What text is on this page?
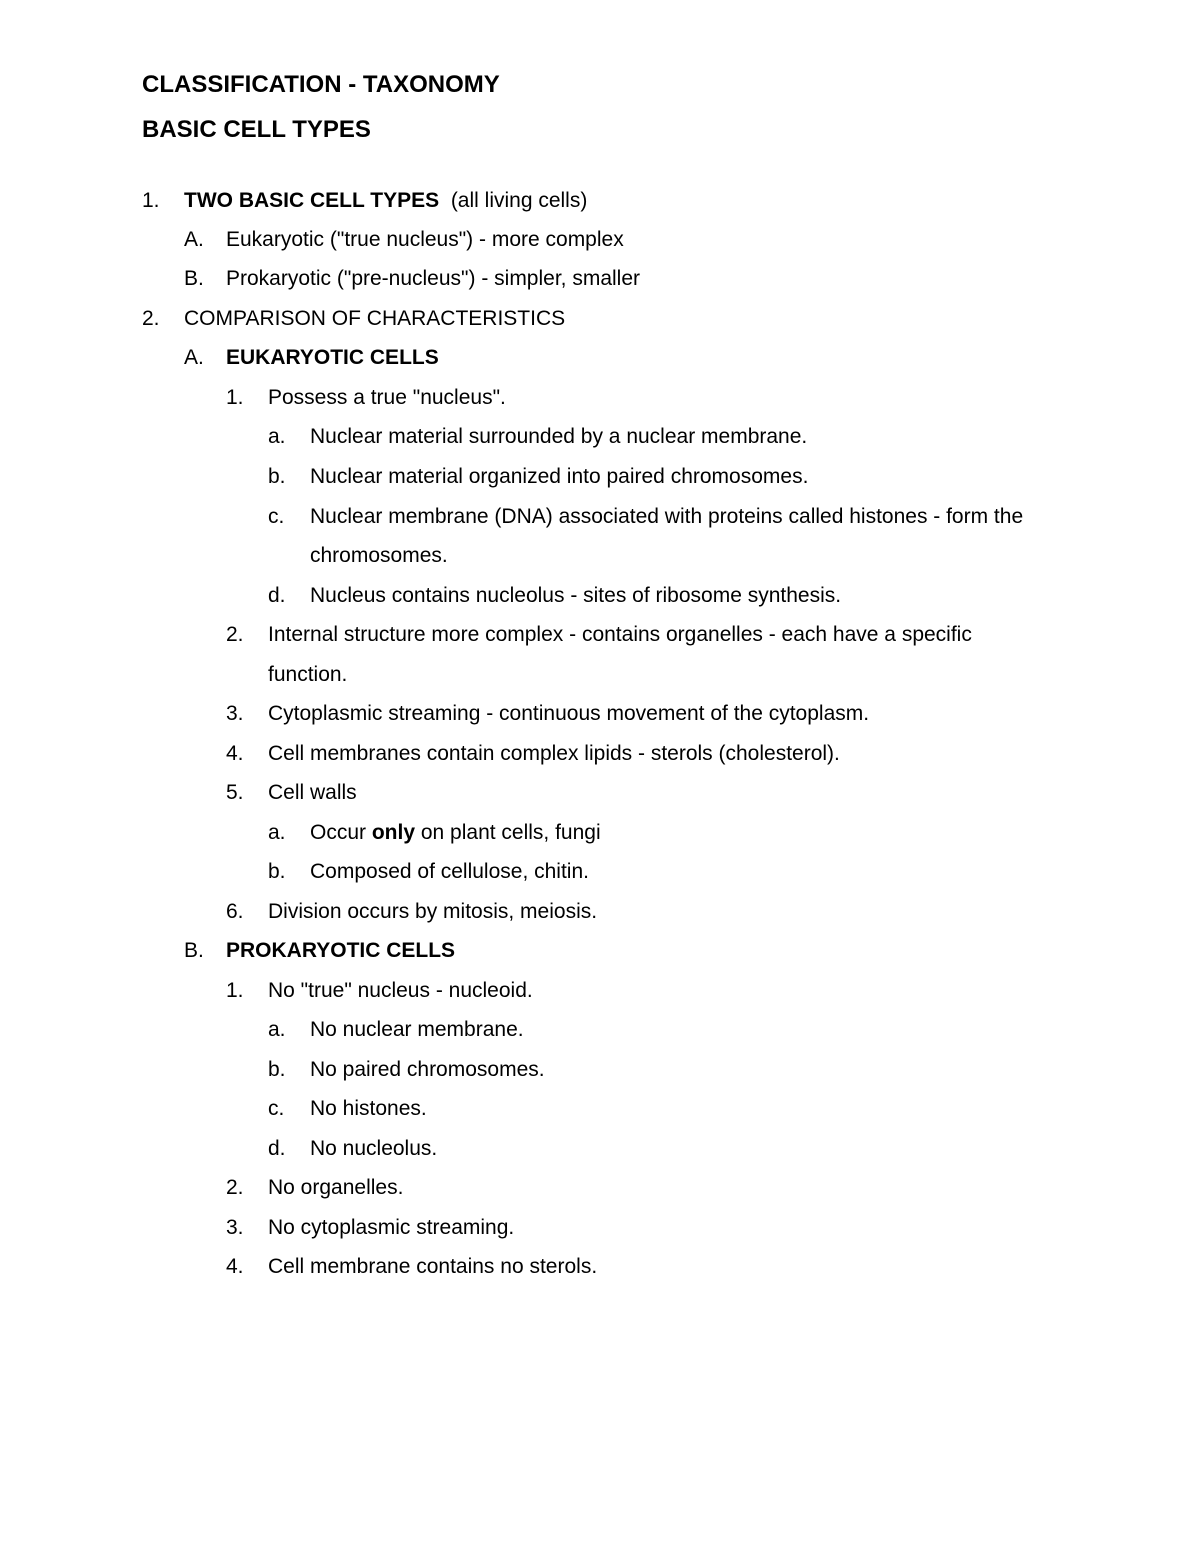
CLASSIFICATION - TAXONOMY
BASIC CELL TYPES
1. TWO BASIC CELL TYPES (all living cells)
A. Eukaryotic ("true nucleus") - more complex
B. Prokaryotic ("pre-nucleus") - simpler, smaller
2. COMPARISON OF CHARACTERISTICS
A. EUKARYOTIC CELLS
1. Possess a true "nucleus".
a. Nuclear material surrounded by a nuclear membrane.
b. Nuclear material organized into paired chromosomes.
c. Nuclear membrane (DNA) associated with proteins called histones - form the
chromosomes.
d. Nucleus contains nucleolus - sites of ribosome synthesis.
2. Internal structure more complex - contains organelles - each have a specific
function.
3. Cytoplasmic streaming - continuous movement of the cytoplasm.
4. Cell membranes contain complex lipids - sterols (cholesterol).
5. Cell walls
a. Occur only on plant cells, fungi
b. Composed of cellulose, chitin.
6. Division occurs by mitosis, meiosis.
B. PROKARYOTIC CELLS
1. No "true" nucleus - nucleoid.
a. No nuclear membrane.
b. No paired chromosomes.
c. No histones.
d. No nucleolus.
2. No organelles.
3. No cytoplasmic streaming.
4. Cell membrane contains no sterols.
